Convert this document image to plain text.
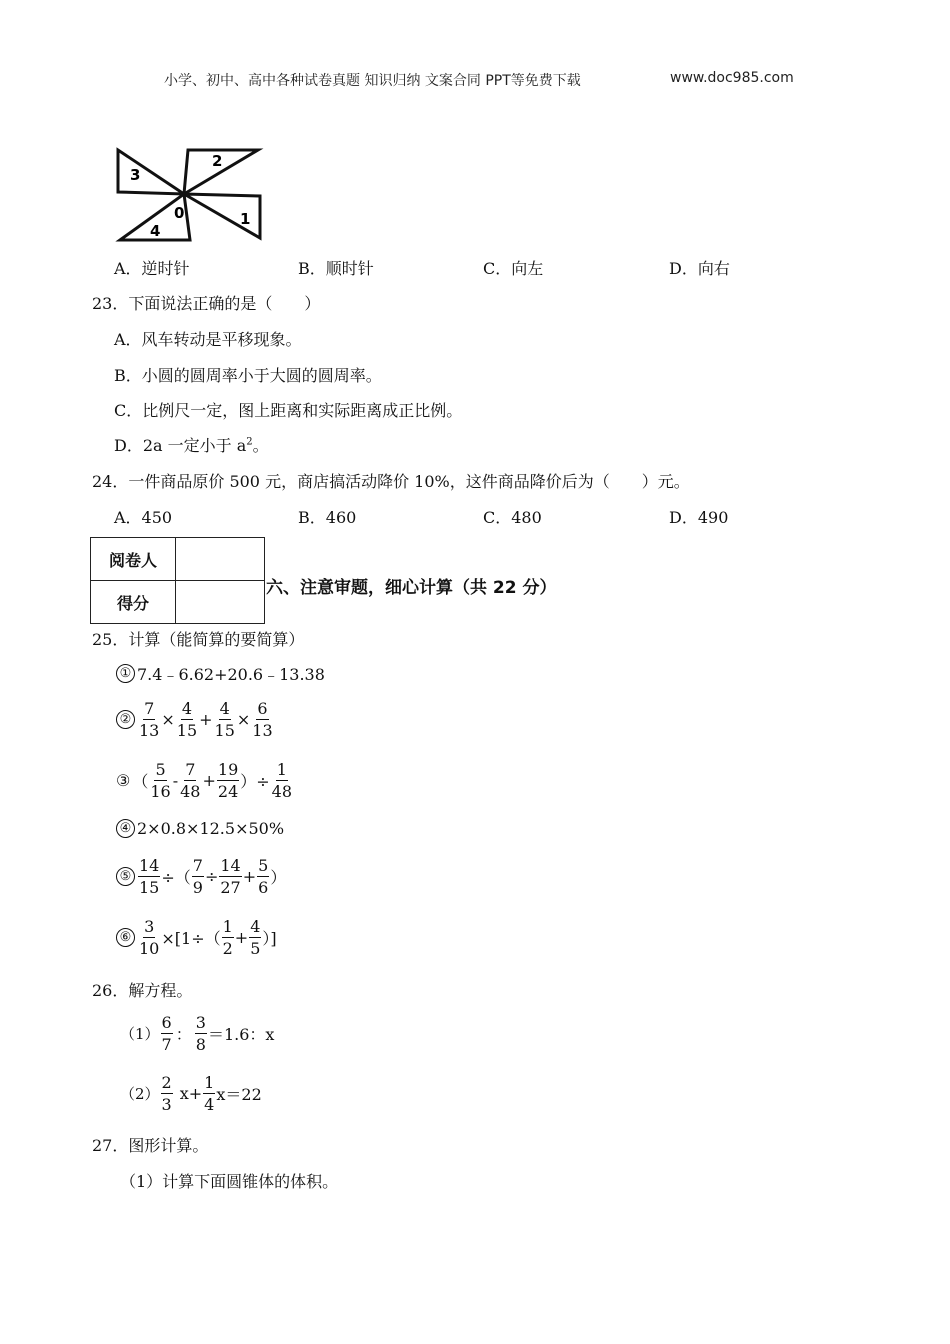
小学、初中、高中各种试卷真题 知识归纳 文案合同 PPT等免费下载	www.doc985.com
3
2
0	1
4
A．逆时针	B．顺时针	C．向左	D．向右
23．下面说法正确的是（　　）
A．风车转动是平移现象。
B．小圆的圆周率小于大圆的圆周率。
C．比例尺一定，图上距离和实际距离成正比例。
D．2a 一定小于 $a^2$。
24．一件商品原价 500 元，商店搞活动降价 10%，这件商品降价后为（　　）元。
A．450	B．460	C．480	D．490
阅卷人	
得分	
六、注意审题，细心计算（共 22 分）
25．计算（能简算的要简算）
① 7.4﹣6.62+20.6﹣13.38
② $\frac{7}{13} \times \frac{4}{15} + \frac{4}{15} \times \frac{6}{13}$
③ （ $\frac{5}{16} - \frac{7}{48} + \frac{19}{24}$ ）÷ $\frac{1}{48}$
④ 2×0.8×12.5×50%
⑤ $\frac{14}{15}$ ÷（ $\frac{7}{9} \div \frac{14}{27} + \frac{5}{6}$ ）
⑥ $\frac{3}{10} \times[1\div( \frac{1}{2} + \frac{4}{5}$ ）]
26．解方程。
$(1) \frac{6}{7}$ ： $\frac{3}{8} =1.6$：x
$(2) \frac{2}{3} x+ \frac{1}{4} x=22$
27．图形计算。
（1）计算下面圆锥体的体积。
